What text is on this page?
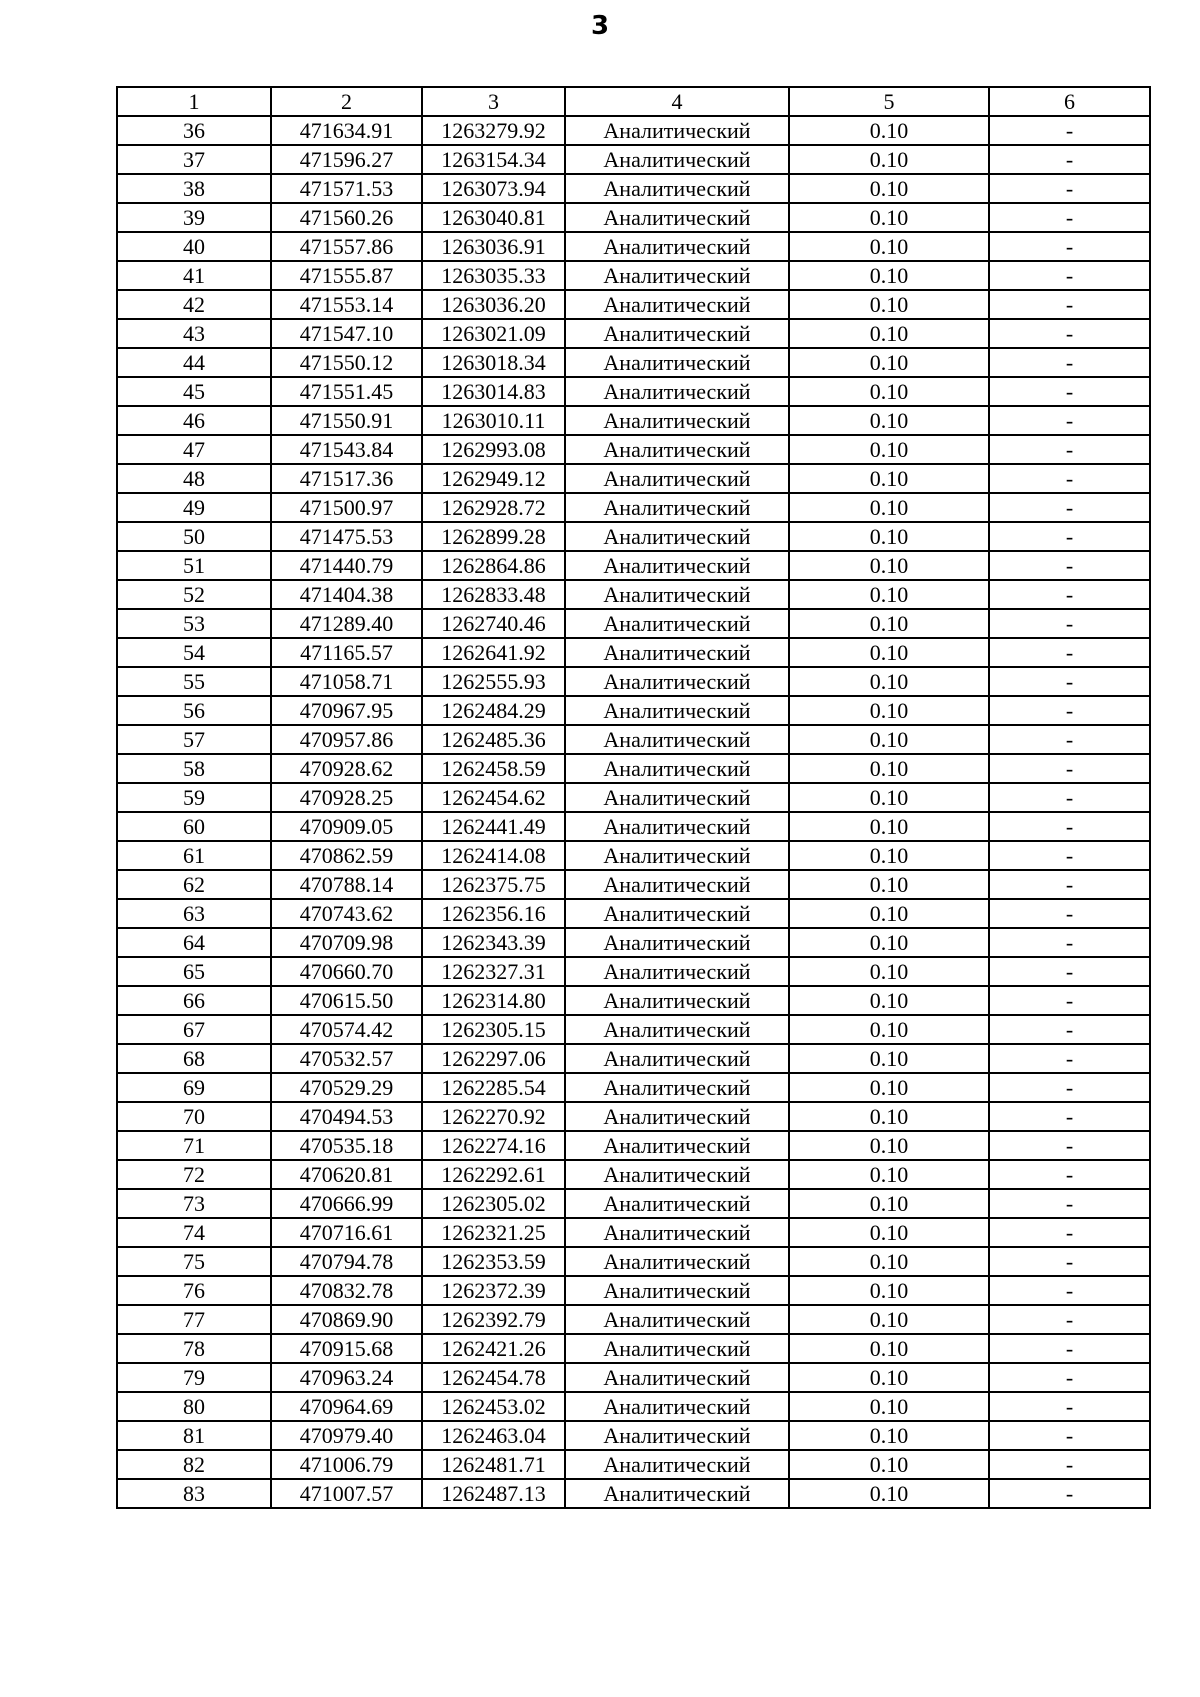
3
1	2	3	4	5	6
36	471634.91	1263279.92	Аналитический	0.10	-
37	471596.27	1263154.34	Аналитический	0.10	-
38	471571.53	1263073.94	Аналитический	0.10	-
39	471560.26	1263040.81	Аналитический	0.10	-
40	471557.86	1263036.91	Аналитический	0.10	-
41	471555.87	1263035.33	Аналитический	0.10	-
42	471553.14	1263036.20	Аналитический	0.10	-
43	471547.10	1263021.09	Аналитический	0.10	-
44	471550.12	1263018.34	Аналитический	0.10	-
45	471551.45	1263014.83	Аналитический	0.10	-
46	471550.91	1263010.11	Аналитический	0.10	-
47	471543.84	1262993.08	Аналитический	0.10	-
48	471517.36	1262949.12	Аналитический	0.10	-
49	471500.97	1262928.72	Аналитический	0.10	-
50	471475.53	1262899.28	Аналитический	0.10	-
51	471440.79	1262864.86	Аналитический	0.10	-
52	471404.38	1262833.48	Аналитический	0.10	-
53	471289.40	1262740.46	Аналитический	0.10	-
54	471165.57	1262641.92	Аналитический	0.10	-
55	471058.71	1262555.93	Аналитический	0.10	-
56	470967.95	1262484.29	Аналитический	0.10	-
57	470957.86	1262485.36	Аналитический	0.10	-
58	470928.62	1262458.59	Аналитический	0.10	-
59	470928.25	1262454.62	Аналитический	0.10	-
60	470909.05	1262441.49	Аналитический	0.10	-
61	470862.59	1262414.08	Аналитический	0.10	-
62	470788.14	1262375.75	Аналитический	0.10	-
63	470743.62	1262356.16	Аналитический	0.10	-
64	470709.98	1262343.39	Аналитический	0.10	-
65	470660.70	1262327.31	Аналитический	0.10	-
66	470615.50	1262314.80	Аналитический	0.10	-
67	470574.42	1262305.15	Аналитический	0.10	-
68	470532.57	1262297.06	Аналитический	0.10	-
69	470529.29	1262285.54	Аналитический	0.10	-
70	470494.53	1262270.92	Аналитический	0.10	-
71	470535.18	1262274.16	Аналитический	0.10	-
72	470620.81	1262292.61	Аналитический	0.10	-
73	470666.99	1262305.02	Аналитический	0.10	-
74	470716.61	1262321.25	Аналитический	0.10	-
75	470794.78	1262353.59	Аналитический	0.10	-
76	470832.78	1262372.39	Аналитический	0.10	-
77	470869.90	1262392.79	Аналитический	0.10	-
78	470915.68	1262421.26	Аналитический	0.10	-
79	470963.24	1262454.78	Аналитический	0.10	-
80	470964.69	1262453.02	Аналитический	0.10	-
81	470979.40	1262463.04	Аналитический	0.10	-
82	471006.79	1262481.71	Аналитический	0.10	-
83	471007.57	1262487.13	Аналитический	0.10	-
